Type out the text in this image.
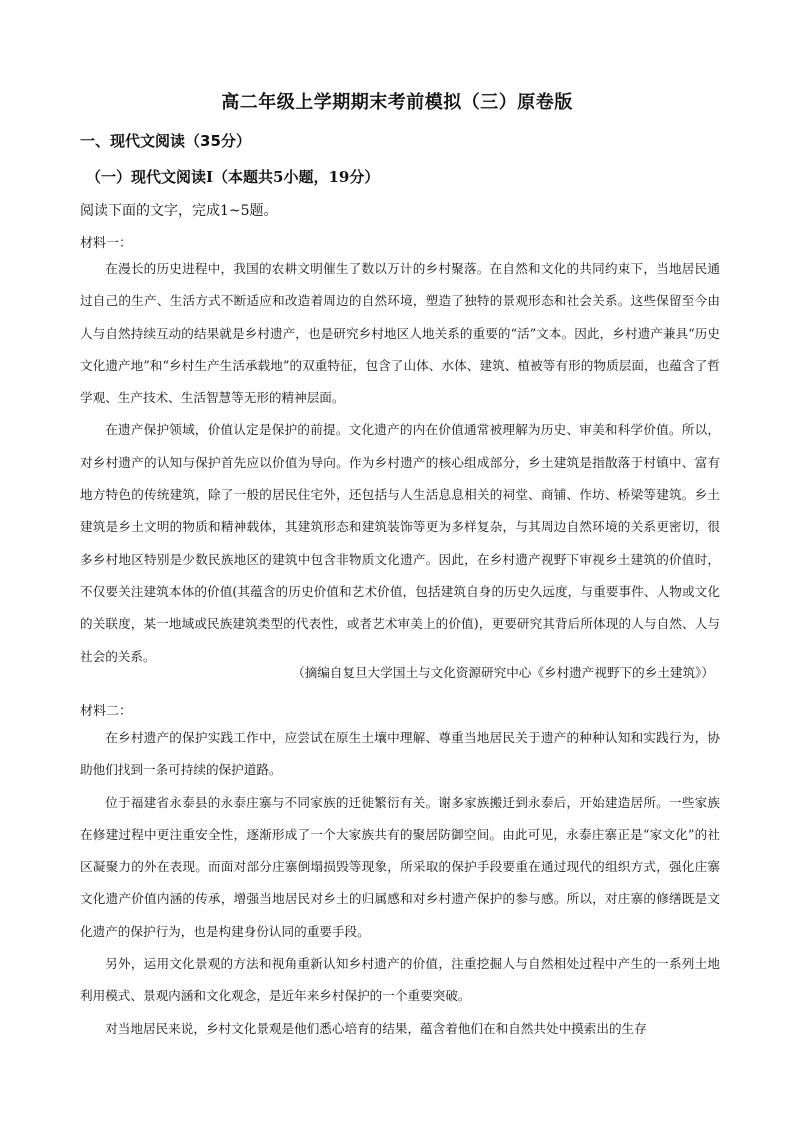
高二年级上学期期末考前模拟（三）原卷版
一、现代文阅读（35分）
（一）现代文阅读Ⅰ（本题共5小题，19分）
阅读下面的文字，完成1~5题。
材料一：

在漫长的历史进程中，我国的农耕文明催生了数以万计的乡村聚落。在自然和文化的共同约束下，当地居民通过自己的生产、生活方式不断适应和改造着周边的自然环境，塑造了独特的景观形态和社会关系。这些保留至今由人与自然持续互动的结果就是乡村遗产，也是研究乡村地区人地关系的重要的“活”文本。因此，乡村遗产兼具“历史文化遗产地”和“乡村生产生活承载地”的双重特征，包含了山体、水体、建筑、植被等有形的物质层面，也蕴含了哲学观、生产技术、生活智慧等无形的精神层面。

在遗产保护领域，价值认定是保护的前提。文化遗产的内在价值通常被理解为历史、审美和科学价值。所以，对乡村遗产的认知与保护首先应以价值为导向。作为乡村遗产的核心组成部分，乡土建筑是指散落于村镇中、富有地方特色的传统建筑，除了一般的居民住宅外，还包括与人生活息息相关的祠堂、商铺、作坊、桥梁等建筑。乡土建筑是乡土文明的物质和精神载体，其建筑形态和建筑装饰等更为多样复杂，与其周边自然环境的关系更密切，很多乡村地区特别是少数民族地区的建筑中包含非物质文化遗产。因此，在乡村遗产视野下审视乡土建筑的价值时，不仅要关注建筑本体的价值(其蕴含的历史价值和艺术价值，包括建筑自身的历史久远度，与重要事件、人物或文化的关联度，某一地域或民族建筑类型的代表性，或者艺术审美上的价值)，更要研究其背后所体现的人与自然、人与社会的关系。

（摘编自复旦大学国土与文化资源研究中心《乡村遗产视野下的乡土建筑》）
材料二：

在乡村遗产的保护实践工作中，应尝试在原生土壤中理解、尊重当地居民关于遗产的种种认知和实践行为，协助他们找到一条可持续的保护道路。

位于福建省永泰县的永泰庄寨与不同家族的迁徙繁衍有关。谢多家族搬迁到永泰后，开始建造居所。一些家族在修建过程中更注重安全性，逐渐形成了一个大家族共有的聚居防御空间。由此可见，永泰庄寨正是“家文化”的社区凝聚力的外在表现。而面对部分庄寨倒塌损毁等现象，所采取的保护手段要重在通过现代的组织方式，强化庄寨文化遗产价值内涵的传承，增强当地居民对乡土的归属感和对乡村遗产保护的参与感。所以，对庄寨的修缮既是文化遗产的保护行为，也是构建身份认同的重要手段。

另外，运用文化景观的方法和视角重新认知乡村遗产的价值，注重挖掘人与自然相处过程中产生的一系列土地利用模式、景观内涵和文化观念，是近年来乡村保护的一个重要突破。

对当地居民来说，乡村文化景观是他们悉心培育的结果，蕴含着他们在和自然共处中摸索出的生存
